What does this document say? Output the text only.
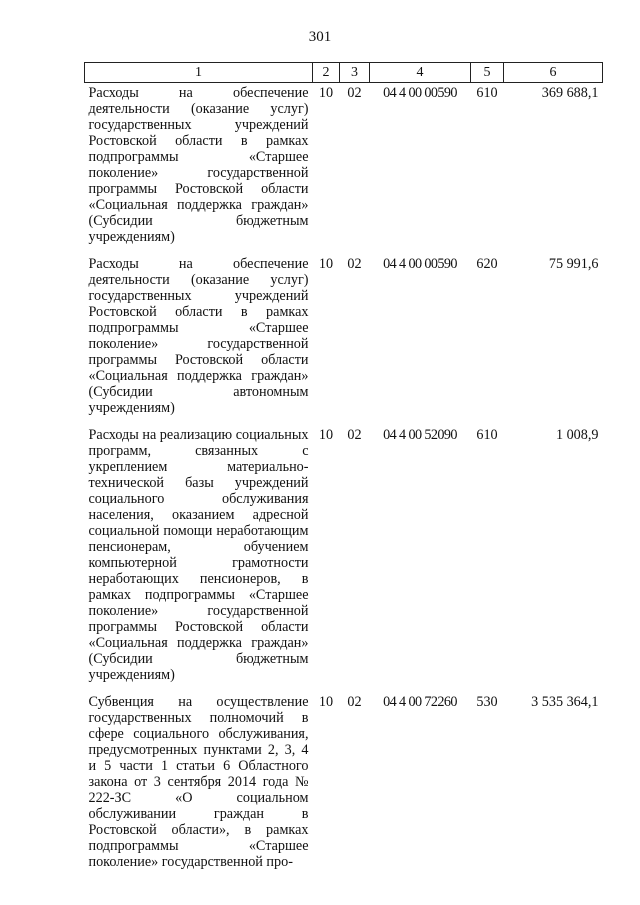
301
1	2	3	4	5	6
Расходы на обеспечение деятельности (оказание услуг) государственных учреждений Ростовской области в рамках подпрограммы «Старшее поколение» государственной программы Ростовской области «Социальная поддержка граждан» (Субсидии бюджетным учреждениям)	10	02	04 4 00 00590	610	369 688,1
Расходы на обеспечение деятельности (оказание услуг) государственных учреждений Ростовской области в рамках подпрограммы «Старшее поколение» государственной программы Ростовской области «Социальная поддержка граждан» (Субсидии автономным учреждениям)	10	02	04 4 00 00590	620	75 991,6
Расходы на реализацию социальных программ, связанных с укреплением материально-технической базы учреждений социального обслуживания населения, оказанием адресной социальной помощи неработающим пенсионерам, обучением компьютерной грамотности неработающих пенсионеров, в рамках подпрограммы «Старшее поколение» государственной программы Ростовской области «Социальная поддержка граждан» (Субсидии бюджетным учреждениям)	10	02	04 4 00 52090	610	1 008,9
Субвенция на осуществление государственных полномочий в сфере социального обслуживания, предусмотренных пунктами 2, 3, 4 и 5 части 1 статьи 6 Областного закона от 3 сентября 2014 года № 222-ЗС «О социальном обслуживании граждан в Ростовской области», в рамках подпрограммы «Старшее поколение» государственной про-	10	02	04 4 00 72260	530	3 535 364,1
